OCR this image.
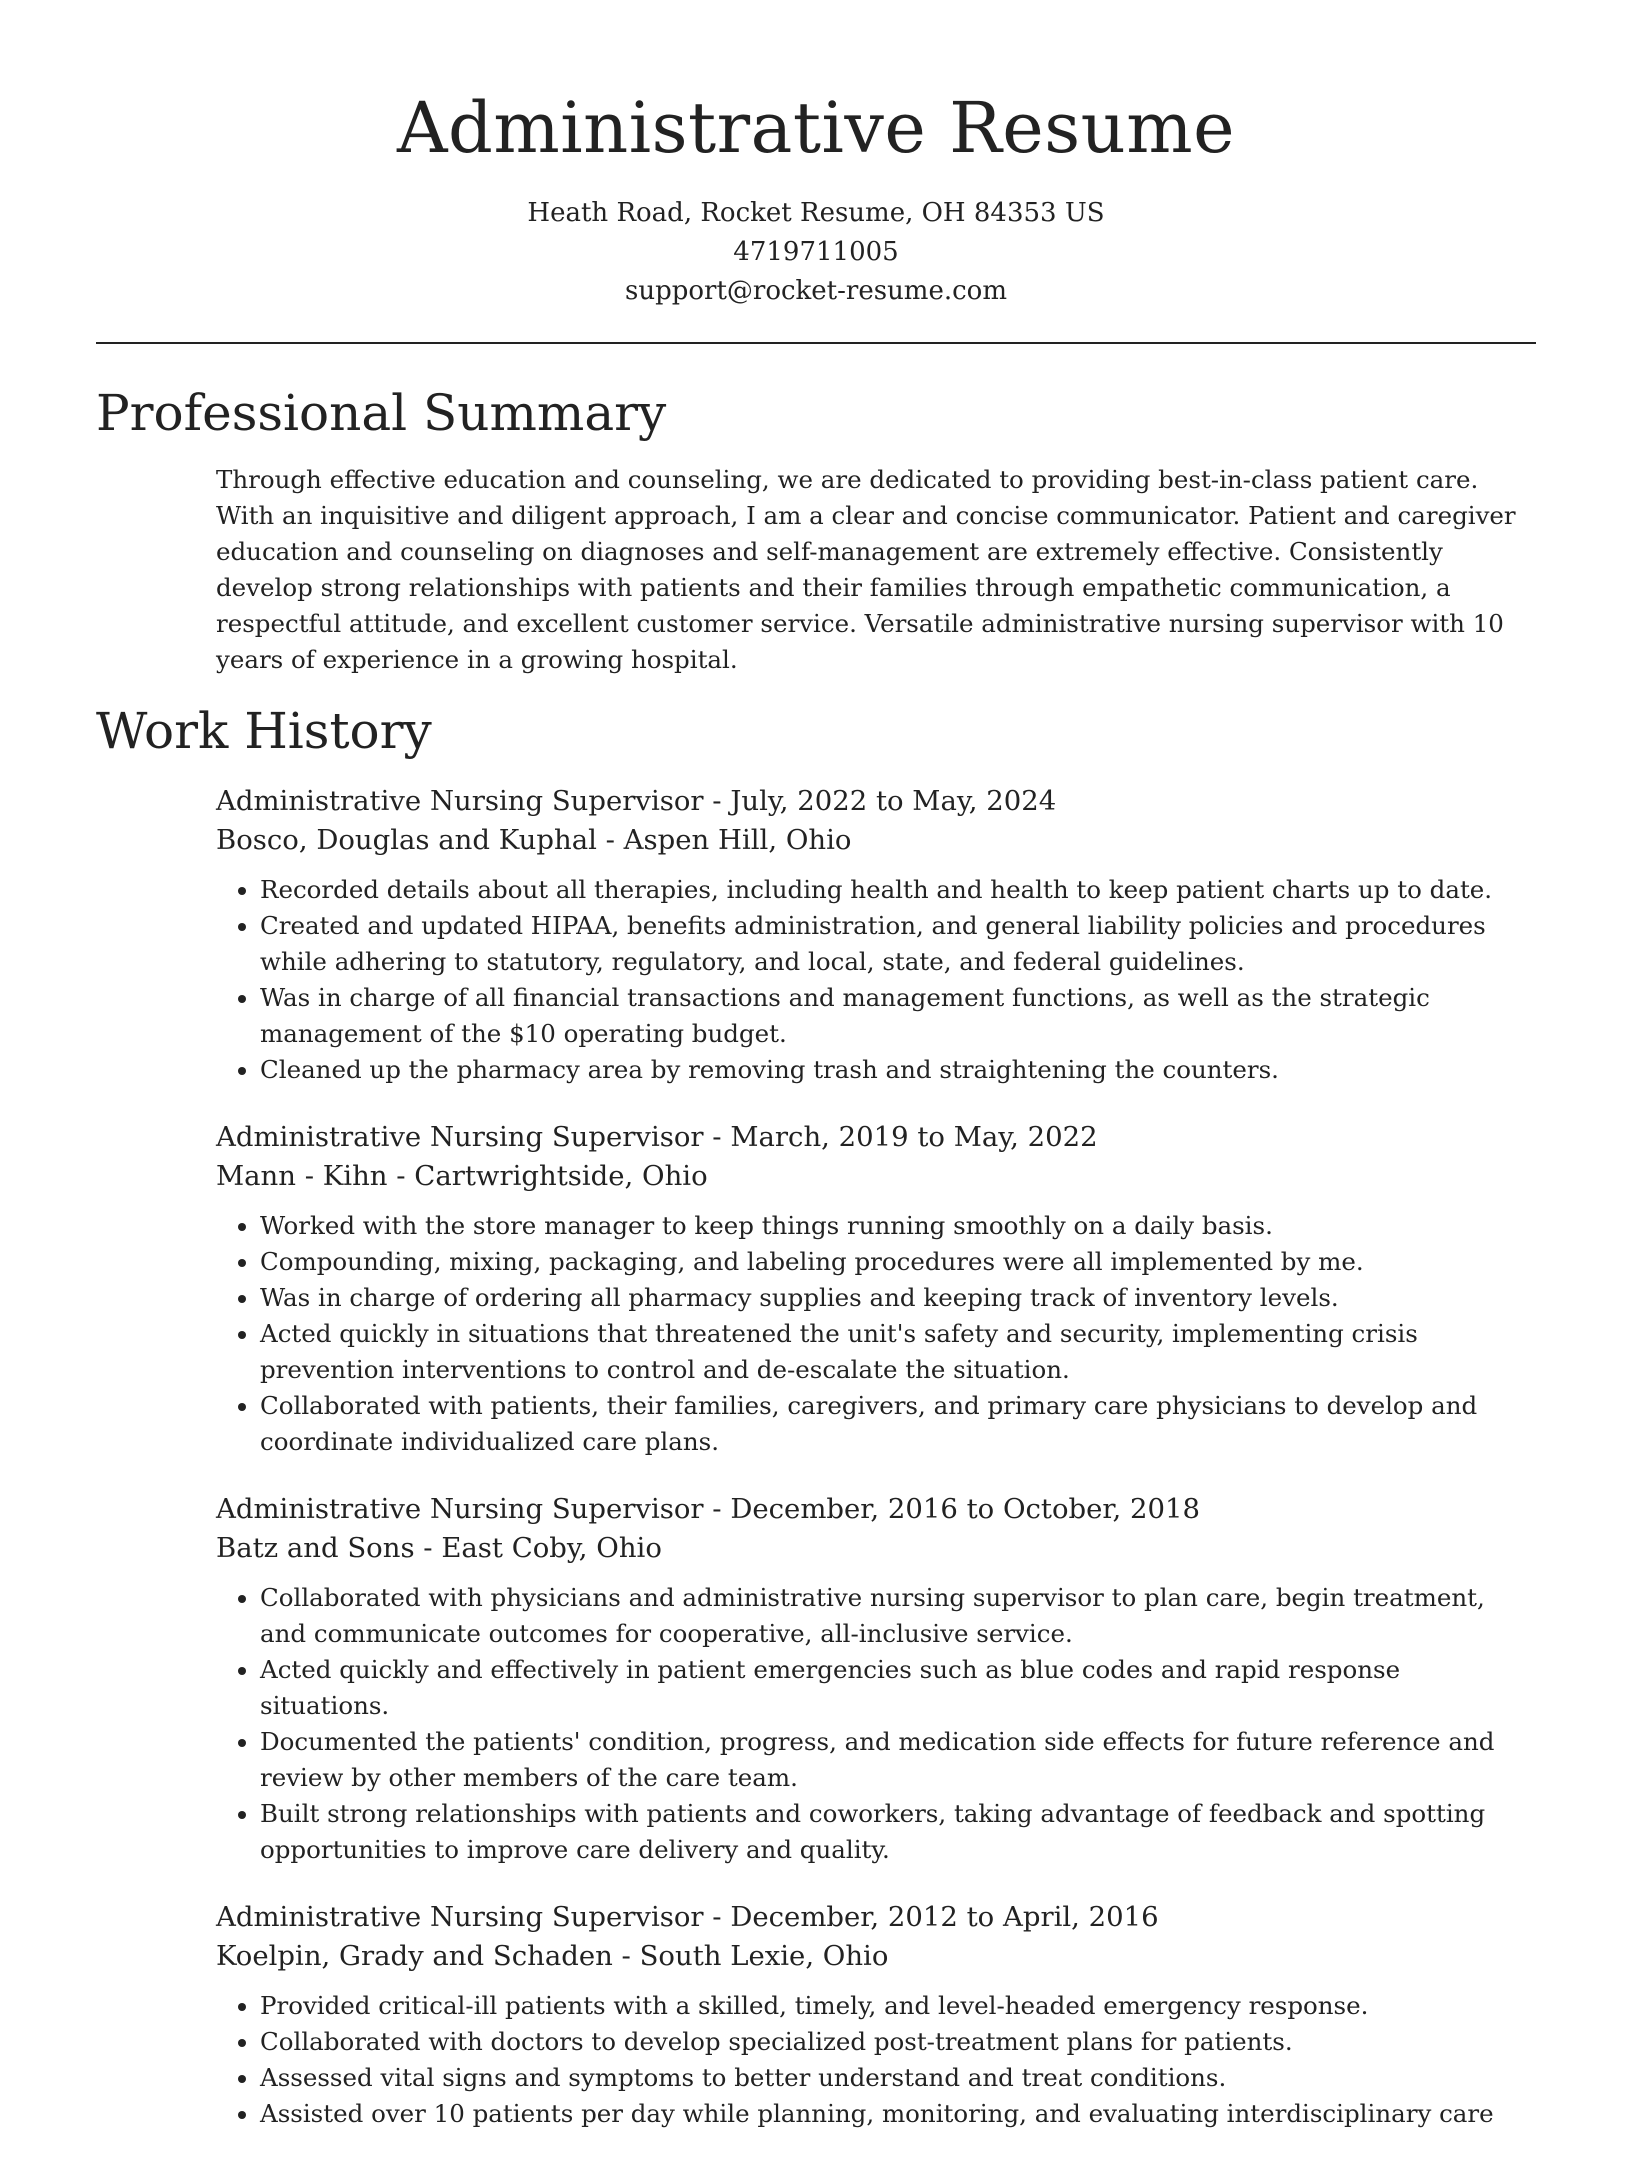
Administrative Resume
Heath Road, Rocket Resume, OH 84353 US
4719711005
support@rocket-resume.com
Professional Summary

Through effective education and counseling, we are dedicated to providing best-in-class patient care. With an inquisitive and diligent approach, I am a clear and concise communicator. Patient and caregiver education and counseling on diagnoses and self-management are extremely effective. Consistently develop strong relationships with patients and their families through empathetic communication, a respectful attitude, and excellent customer service. Versatile administrative nursing supervisor with 10 years of experience in a growing hospital.

Work History
Administrative Nursing Supervisor - July, 2022 to May, 2024
Bosco, Douglas and Kuphal - Aspen Hill, Ohio
• Recorded details about all therapies, including health and health to keep patient charts up to date.
• Created and updated HIPAA, benefits administration, and general liability policies and procedures while adhering to statutory, regulatory, and local, state, and federal guidelines.
• Was in charge of all financial transactions and management functions, as well as the strategic management of the $10 operating budget.
• Cleaned up the pharmacy area by removing trash and straightening the counters.
Administrative Nursing Supervisor - March, 2019 to May, 2022
Mann - Kihn - Cartwrightside, Ohio
• Worked with the store manager to keep things running smoothly on a daily basis.
• Compounding, mixing, packaging, and labeling procedures were all implemented by me.
• Was in charge of ordering all pharmacy supplies and keeping track of inventory levels.
• Acted quickly in situations that threatened the unit's safety and security, implementing crisis prevention interventions to control and de-escalate the situation.
• Collaborated with patients, their families, caregivers, and primary care physicians to develop and coordinate individualized care plans.
Administrative Nursing Supervisor - December, 2016 to October, 2018
Batz and Sons - East Coby, Ohio
• Collaborated with physicians and administrative nursing supervisor to plan care, begin treatment, and communicate outcomes for cooperative, all-inclusive service.
• Acted quickly and effectively in patient emergencies such as blue codes and rapid response situations.
• Documented the patients' condition, progress, and medication side effects for future reference and review by other members of the care team.
• Built strong relationships with patients and coworkers, taking advantage of feedback and spotting opportunities to improve care delivery and quality.
Administrative Nursing Supervisor - December, 2012 to April, 2016
Koelpin, Grady and Schaden - South Lexie, Ohio
• Provided critical-ill patients with a skilled, timely, and level-headed emergency response.
• Collaborated with doctors to develop specialized post-treatment plans for patients.
• Assessed vital signs and symptoms to better understand and treat conditions.
• Assisted over 10 patients per day while planning, monitoring, and evaluating interdisciplinary care
